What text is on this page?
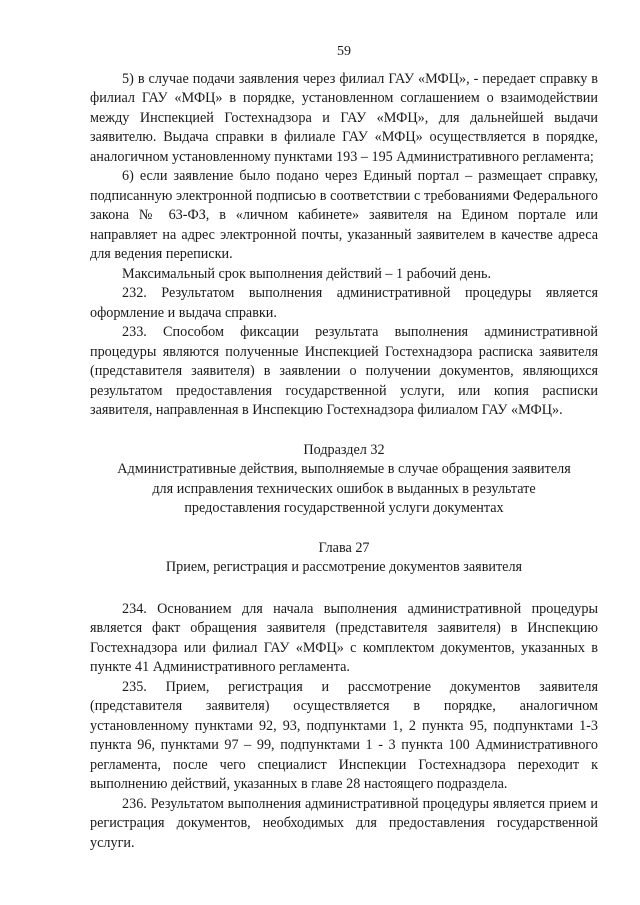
59

5) в случае подачи заявления через филиал ГАУ «МФЦ», - передает справку в филиал ГАУ «МФЦ» в порядке, установленном соглашением о взаимодействии между Инспекцией Гостехнадзора и ГАУ «МФЦ», для дальнейшей выдачи заявителю. Выдача справки в филиале ГАУ «МФЦ» осуществляется в порядке, аналогичном установленному пунктами 193 – 195 Административного регламента;

6) если заявление было подано через Единый портал – размещает справку, подписанную электронной подписью в соответствии с требованиями Федерального закона № 63-ФЗ, в «личном кабинете» заявителя на Едином портале или направляет на адрес электронной почты, указанный заявителем в качестве адреса для ведения переписки.

Максимальный срок выполнения действий – 1 рабочий день.

232. Результатом выполнения административной процедуры является оформление и выдача справки.

233. Способом фиксации результата выполнения административной процедуры являются полученные Инспекцией Гостехнадзора расписка заявителя (представителя заявителя) в заявлении о получении документов, являющихся результатом предоставления государственной услуги, или копия расписки заявителя, направленная в Инспекцию Гостехнадзора филиалом ГАУ «МФЦ».

Подраздел 32
Административные действия, выполняемые в случае обращения заявителя
для исправления технических ошибок в выданных в результате
предоставления государственной услуги документах
Глава 27
Прием, регистрация и рассмотрение документов заявителя

234. Основанием для начала выполнения административной процедуры является факт обращения заявителя (представителя заявителя) в Инспекцию Гостехнадзора или филиал ГАУ «МФЦ» с комплектом документов, указанных в пункте 41 Административного регламента.

235. Прием, регистрация и рассмотрение документов заявителя (представителя заявителя) осуществляется в порядке, аналогичном установленному пунктами 92, 93, подпунктами 1, 2 пункта 95, подпунктами 1-3 пункта 96, пунктами 97 – 99, подпунктами 1 - 3 пункта 100 Административного регламента, после чего специалист Инспекции Гостехнадзора переходит к выполнению действий, указанных в главе 28 настоящего подраздела.

236. Результатом выполнения административной процедуры является прием и регистрация документов, необходимых для предоставления государственной услуги.
